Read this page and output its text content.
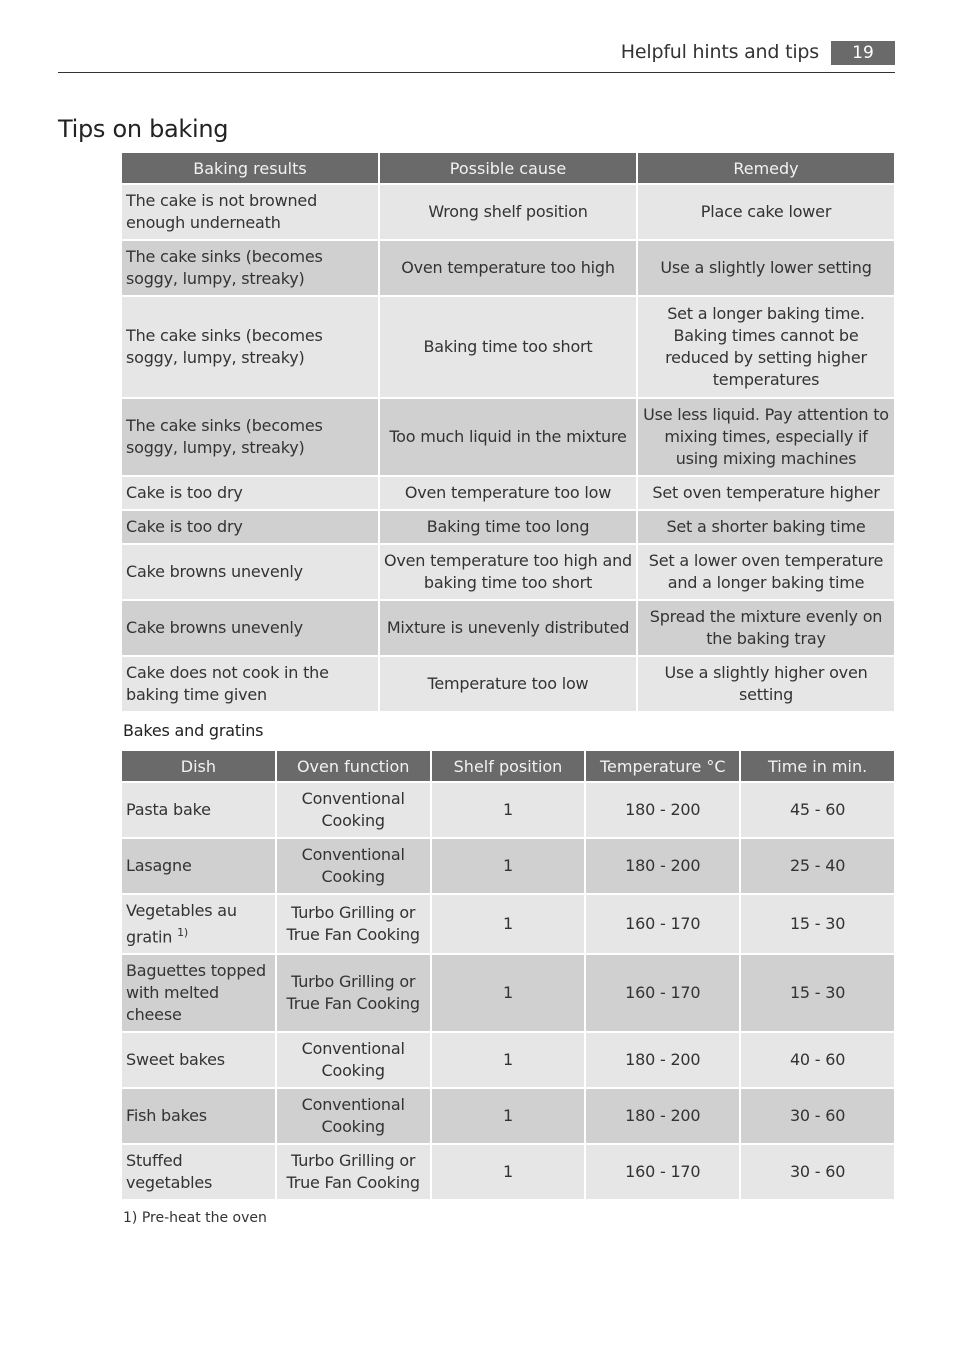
Helpful hints and tips	19
Tips on baking
Baking results	Possible cause	Remedy
The cake is not browned enough underneath	Wrong shelf position	Place cake lower
The cake sinks (becomes soggy, lumpy, streaky)	Oven temperature too high	Use a slightly lower setting
The cake sinks (becomes soggy, lumpy, streaky)	Baking time too short	Set a longer baking time. Baking times cannot be reduced by setting higher temperatures
The cake sinks (becomes soggy, lumpy, streaky)	Too much liquid in the mixture	Use less liquid. Pay attention to mixing times, especially if using mixing machines
Cake is too dry	Oven temperature too low	Set oven temperature higher
Cake is too dry	Baking time too long	Set a shorter baking time
Cake browns unevenly	Oven temperature too high and baking time too short	Set a lower oven temperature and a longer baking time
Cake browns unevenly	Mixture is unevenly distributed	Spread the mixture evenly on the baking tray
Cake does not cook in the baking time given	Temperature too low	Use a slightly higher oven setting
Bakes and gratins
Dish	Oven function	Shelf position	Temperature °C	Time in min.
Pasta bake	Conventional Cooking	1	180 - 200	45 - 60
Lasagne	Conventional Cooking	1	180 - 200	25 - 40
Vegetables au gratin $^{1)}$	Turbo Grilling or True Fan Cooking	1	160 - 170	15 - 30
Baguettes topped with melted cheese	Turbo Grilling or True Fan Cooking	1	160 - 170	15 - 30
Sweet bakes	Conventional Cooking	1	180 - 200	40 - 60
Fish bakes	Conventional Cooking	1	180 - 200	30 - 60
Stuffed vegetables	Turbo Grilling or True Fan Cooking	1	160 - 170	30 - 60
1) Pre-heat the oven
